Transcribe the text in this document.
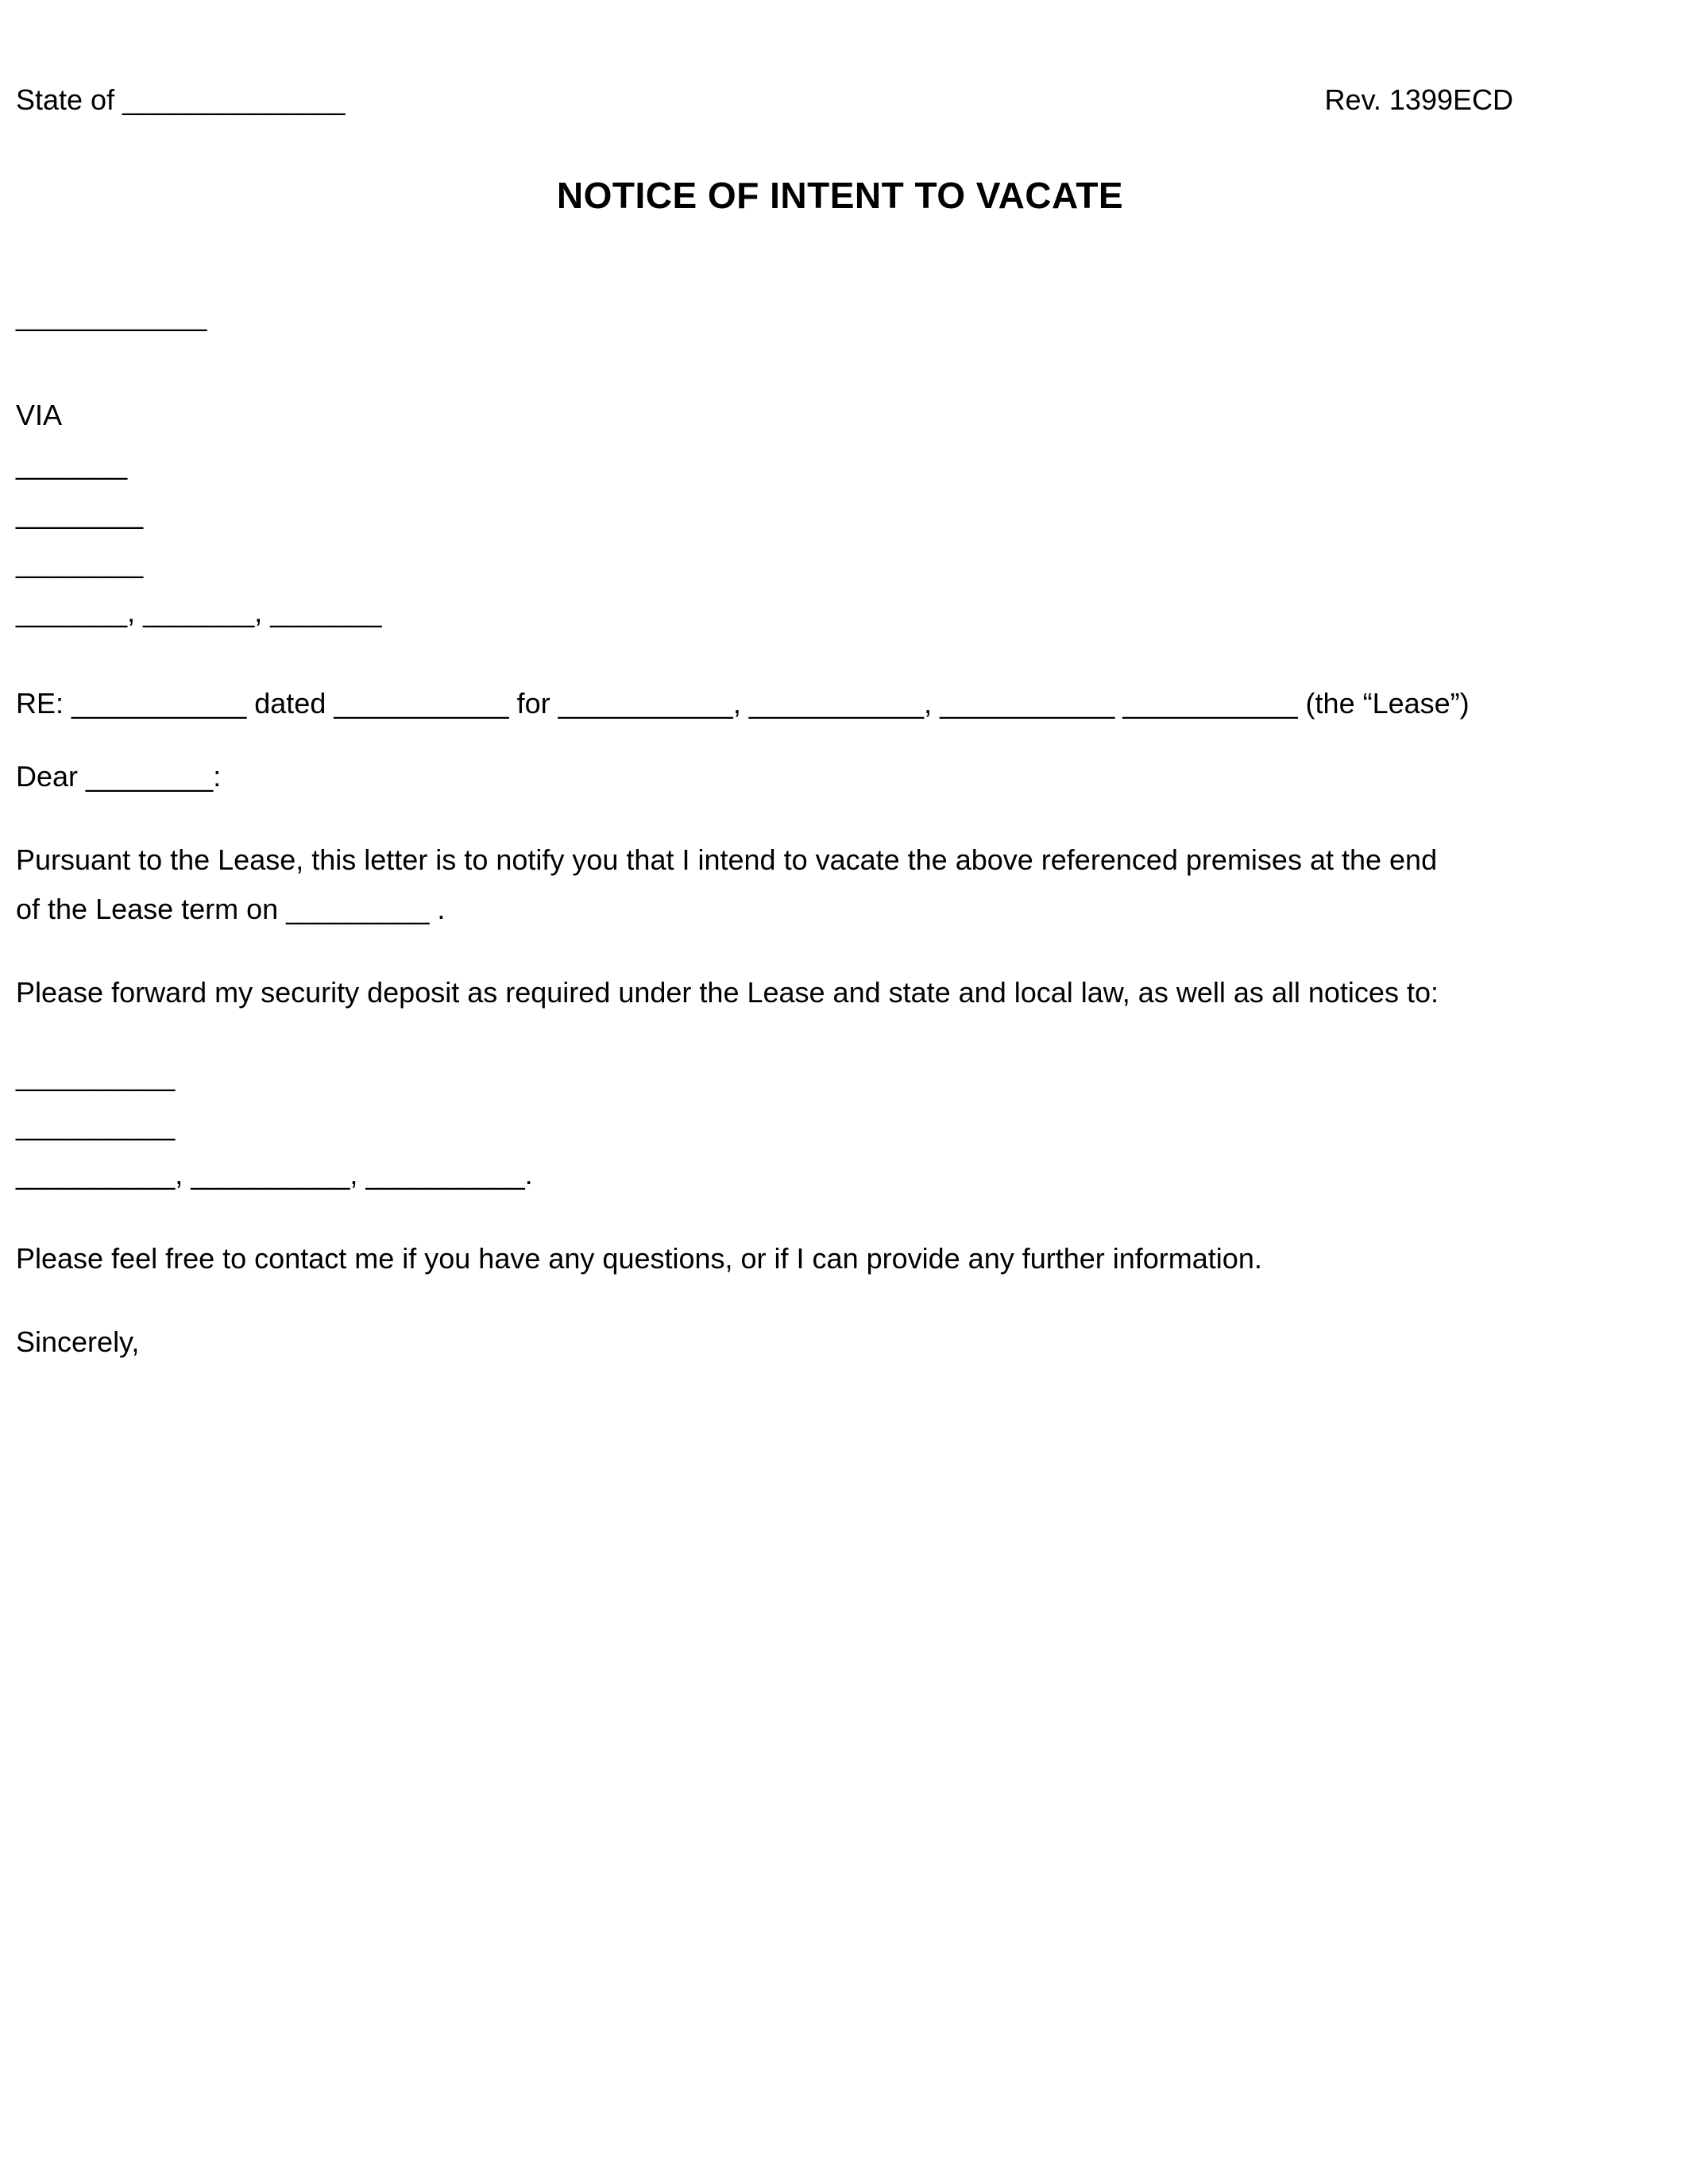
State of ______________	Rev. 1399ECD
NOTICE OF INTENT TO VACATE
____________
VIA
_______
________
________
_______, _______, _______
RE: ___________ dated ___________ for ___________, ___________, ___________ ___________ (the “Lease”)
Dear ________:
Pursuant to the Lease, this letter is to notify you that I intend to vacate the above referenced premises at the end
of the Lease term on _________ .
Please forward my security deposit as required under the Lease and state and local law, as well as all notices to:
__________
__________
__________, __________, __________.
Please feel free to contact me if you have any questions, or if I can provide any further information.
Sincerely,
